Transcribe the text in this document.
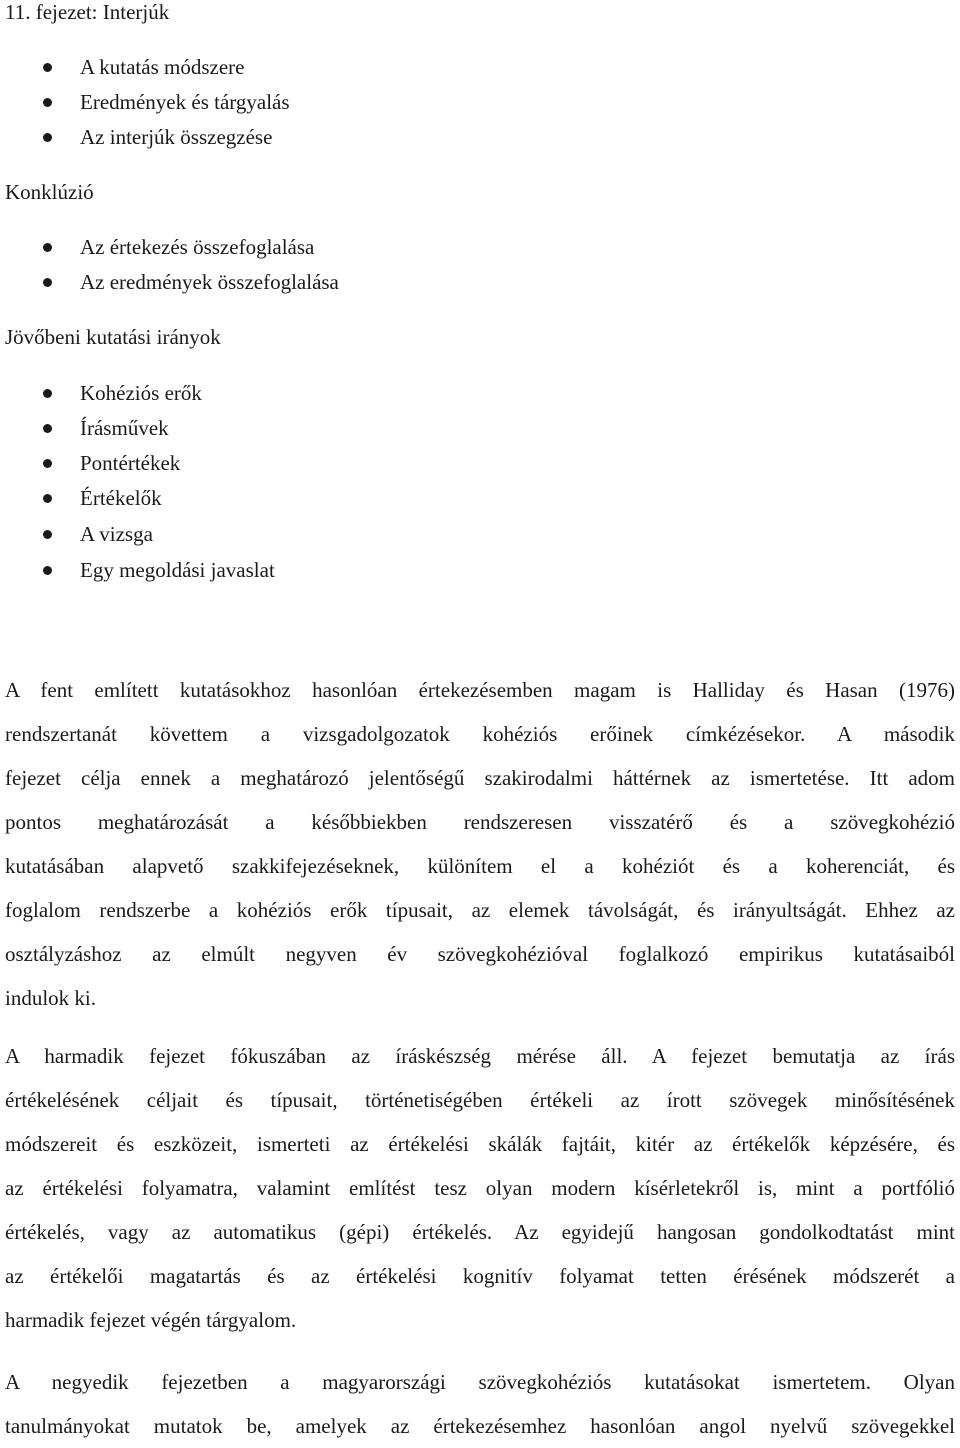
11. fejezet: Interjúk
A kutatás módszere
Eredmények és tárgyalás
Az interjúk összegzése
Konklúzió
Az értekezés összefoglalása
Az eredmények összefoglalása
Jövőbeni kutatási irányok
Kohéziós erők
Írásművek
Pontértékek
Értékelők
A vizsga
Egy megoldási javaslat
A fent említett kutatásokhoz hasonlóan értekezésemben magam is Halliday és Hasan (1976)
rendszertanát követtem a vizsgadolgozatok kohéziós erőinek címkézésekor. A második
fejezet célja ennek a meghatározó jelentőségű szakirodalmi háttérnek az ismertetése. Itt adom
pontos meghatározását a későbbiekben rendszeresen visszatérő és a szövegkohézió
kutatásában alapvető szakkifejezéseknek, különítem el a kohéziót és a koherenciát, és
foglalom rendszerbe a kohéziós erők típusait, az elemek távolságát, és irányultságát. Ehhez az
osztályzáshoz az elmúlt negyven év szövegkohézióval foglalkozó empirikus kutatásaiból
indulok ki.
A harmadik fejezet fókuszában az íráskészség mérése áll. A fejezet bemutatja az írás
értékelésének céljait és típusait, történetiségében értékeli az írott szövegek minősítésének
módszereit és eszközeit, ismerteti az értékelési skálák fajtáit, kitér az értékelők képzésére, és
az értékelési folyamatra, valamint említést tesz olyan modern kísérletekről is, mint a portfólió
értékelés, vagy az automatikus (gépi) értékelés. Az egyidejű hangosan gondolkodtatást mint
az értékelői magatartás és az értékelési kognitív folyamat tetten érésének módszerét a
harmadik fejezet végén tárgyalom.
A negyedik fejezetben a magyarországi szövegkohéziós kutatásokat ismertetem. Olyan
tanulmányokat mutatok be, amelyek az értekezésemhez hasonlóan angol nyelvű szövegekkel
